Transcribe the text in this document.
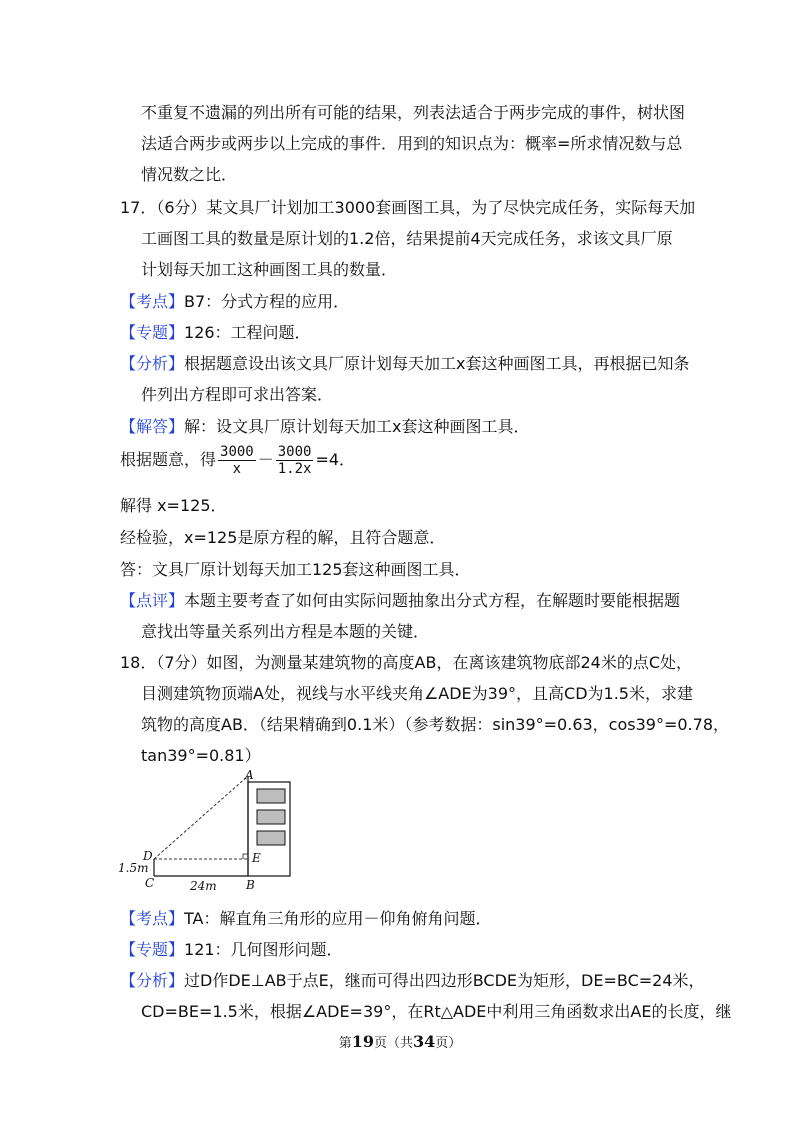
不重复不遗漏的列出所有可能的结果，列表法适合于两步完成的事件，树状图
法适合两步或两步以上完成的事件．用到的知识点为：概率=所求情况数与总
情况数之比．
17．（6分）某文具厂计划加工3000套画图工具，为了尽快完成任务，实际每天加
工画图工具的数量是原计划的1.2倍，结果提前4天完成任务，求该文具厂原
计划每天加工这种画图工具的数量．
【考点】B7：分式方程的应用．
【专题】126：工程问题．
【分析】根据题意设出该文具厂原计划每天加工x套这种画图工具，再根据已知条
件列出方程即可求出答案．
【解答】解：设文具厂原计划每天加工x套这种画图工具．
解得 x=125．
经检验，x=125是原方程的解，且符合题意．
答：文具厂原计划每天加工125套这种画图工具．
【点评】本题主要考查了如何由实际问题抽象出分式方程，在解题时要能根据题
意找出等量关系列出方程是本题的关键．
18．（7分）如图，为测量某建筑物的高度AB，在离该建筑物底部24米的点C处，
目测建筑物顶端A处，视线与水平线夹角∠ADE为39°，且高CD为1.5米，求建
筑物的高度AB．（结果精确到0.1米）（参考数据：sin39°=0.63，cos39°=0.78，
tan39°=0.81）
【考点】TA：解直角三角形的应用－仰角俯角问题．
【专题】121：几何图形问题．
【分析】过D作DE⊥AB于点E，继而可得出四边形BCDE为矩形，DE=BC=24米，
CD=BE=1.5米，根据∠ADE=39°，在Rt△ADE中利用三角函数求出AE的长度，继
根据题意，得 $\frac{3000}{x} - \frac{3000}{1.2x} =4$．
A
D	E
1.5m
C	24m B
第19页（共34页）
